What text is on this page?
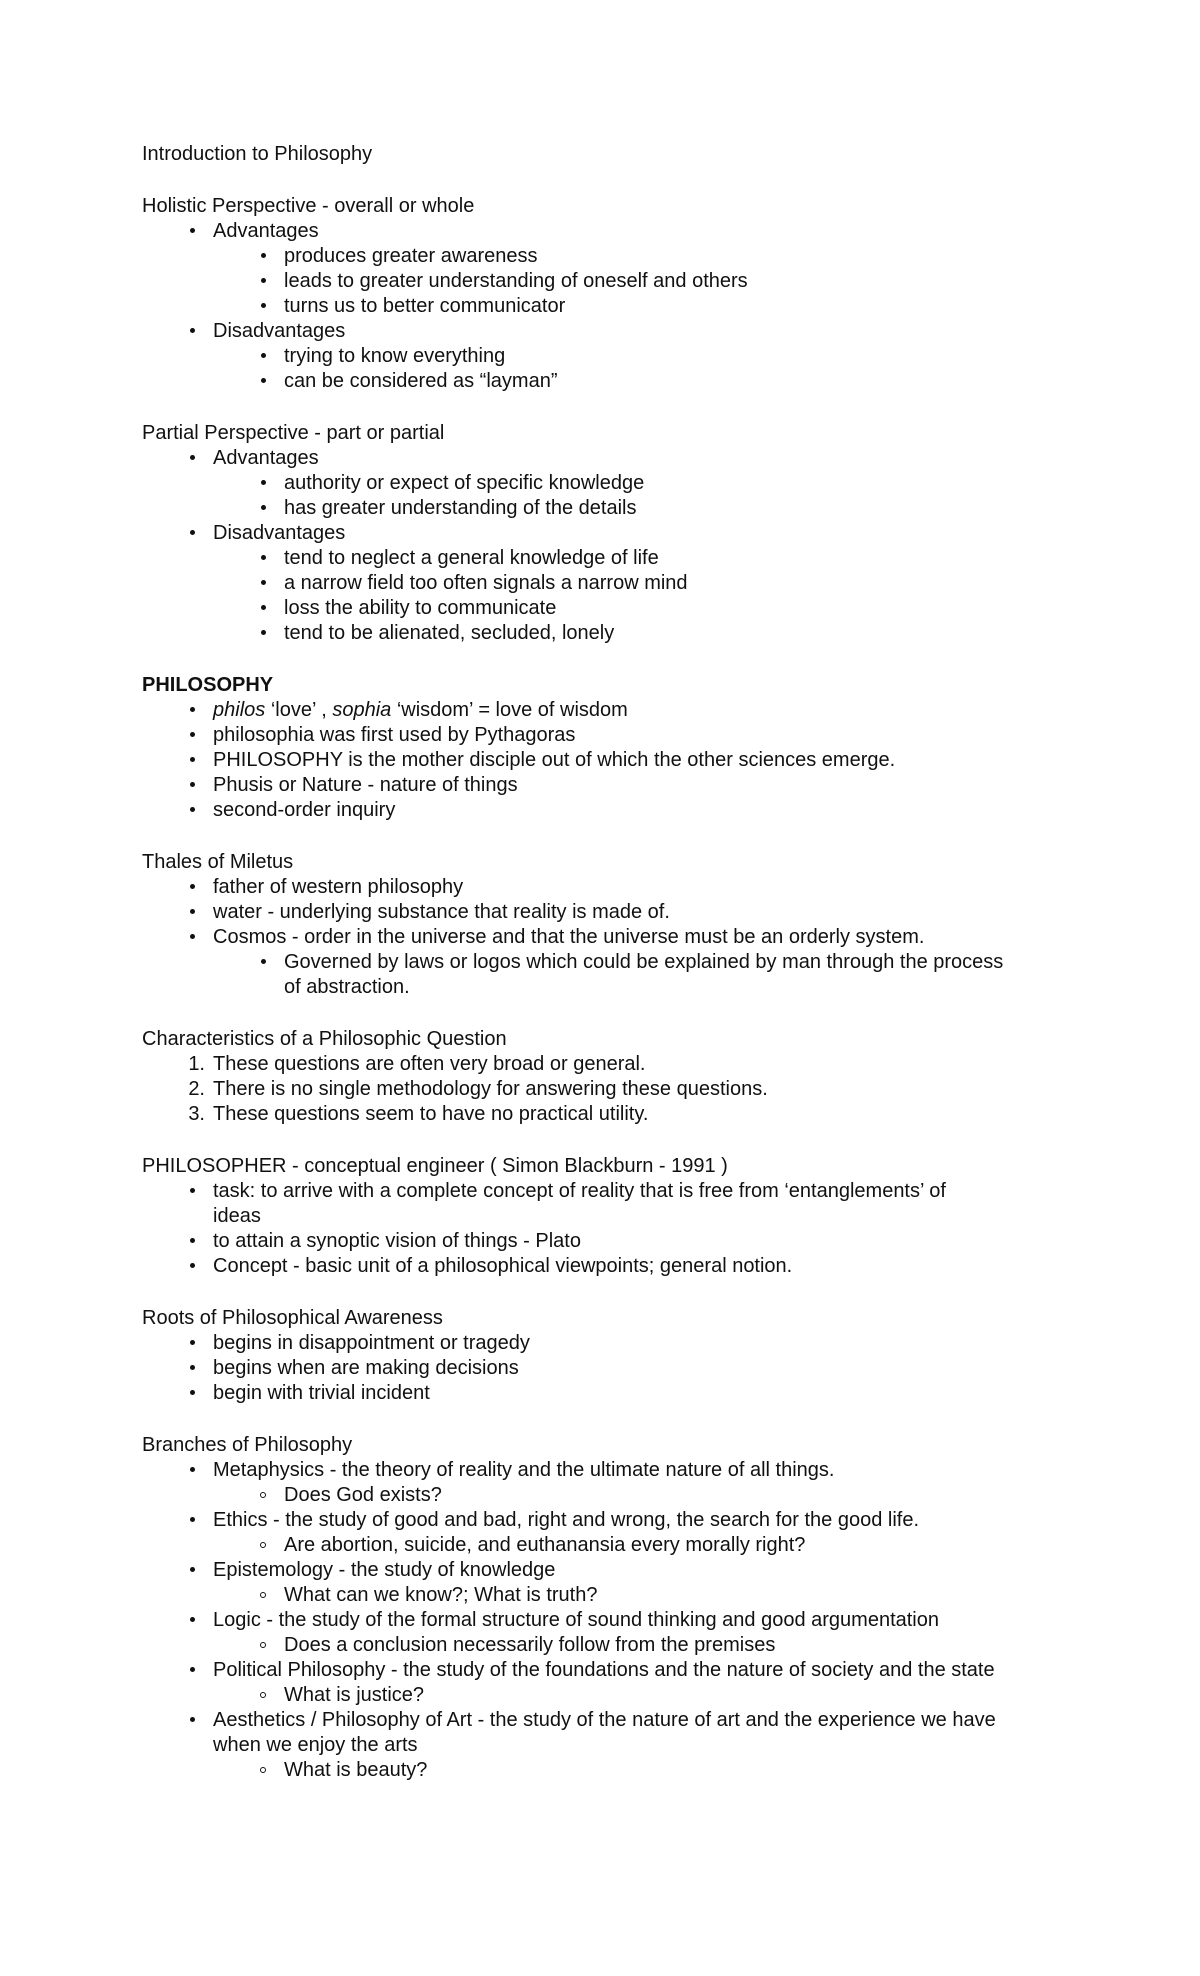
Introduction to Philosophy
Holistic Perspective - overall or whole
Advantages
produces greater awareness
leads to greater understanding of oneself and others
turns us to better communicator
Disadvantages
trying to know everything
can be considered as “layman”
Partial Perspective - part or partial
Advantages
authority or expect of specific knowledge
has greater understanding of the details
Disadvantages
tend to neglect a general knowledge of life
a narrow field too often signals a narrow mind
loss the ability to communicate
tend to be alienated, secluded, lonely
PHILOSOPHY
philos ‘love’ , sophia ‘wisdom’ = love of wisdom
philosophia was first used by Pythagoras
PHILOSOPHY is the mother disciple out of which the other sciences emerge.
Phusis or Nature - nature of things
second-order inquiry
Thales of Miletus
father of western philosophy
water - underlying substance that reality is made of.
Cosmos - order in the universe and that the universe must be an orderly system.
Governed by laws or logos which could be explained by man through the process
of abstraction.
Characteristics of a Philosophic Question
1. These questions are often very broad or general.
2. There is no single methodology for answering these questions.
3. These questions seem to have no practical utility.
PHILOSOPHER - conceptual engineer ( Simon Blackburn - 1991 )
task: to arrive with a complete concept of reality that is free from ‘entanglements’ of
ideas
to attain a synoptic vision of things - Plato
Concept - basic unit of a philosophical viewpoints; general notion.
Roots of Philosophical Awareness
begins in disappointment or tragedy
begins when are making decisions
begin with trivial incident
Branches of Philosophy
Metaphysics - the theory of reality and the ultimate nature of all things.
Does God exists?
Ethics - the study of good and bad, right and wrong, the search for the good life.
Are abortion, suicide, and euthanansia every morally right?
Epistemology - the study of knowledge
What can we know?; What is truth?
Logic - the study of the formal structure of sound thinking and good argumentation
Does a conclusion necessarily follow from the premises
Political Philosophy - the study of the foundations and the nature of society and the state
What is justice?
Aesthetics / Philosophy of Art - the study of the nature of art and the experience we have
when we enjoy the arts
What is beauty?
